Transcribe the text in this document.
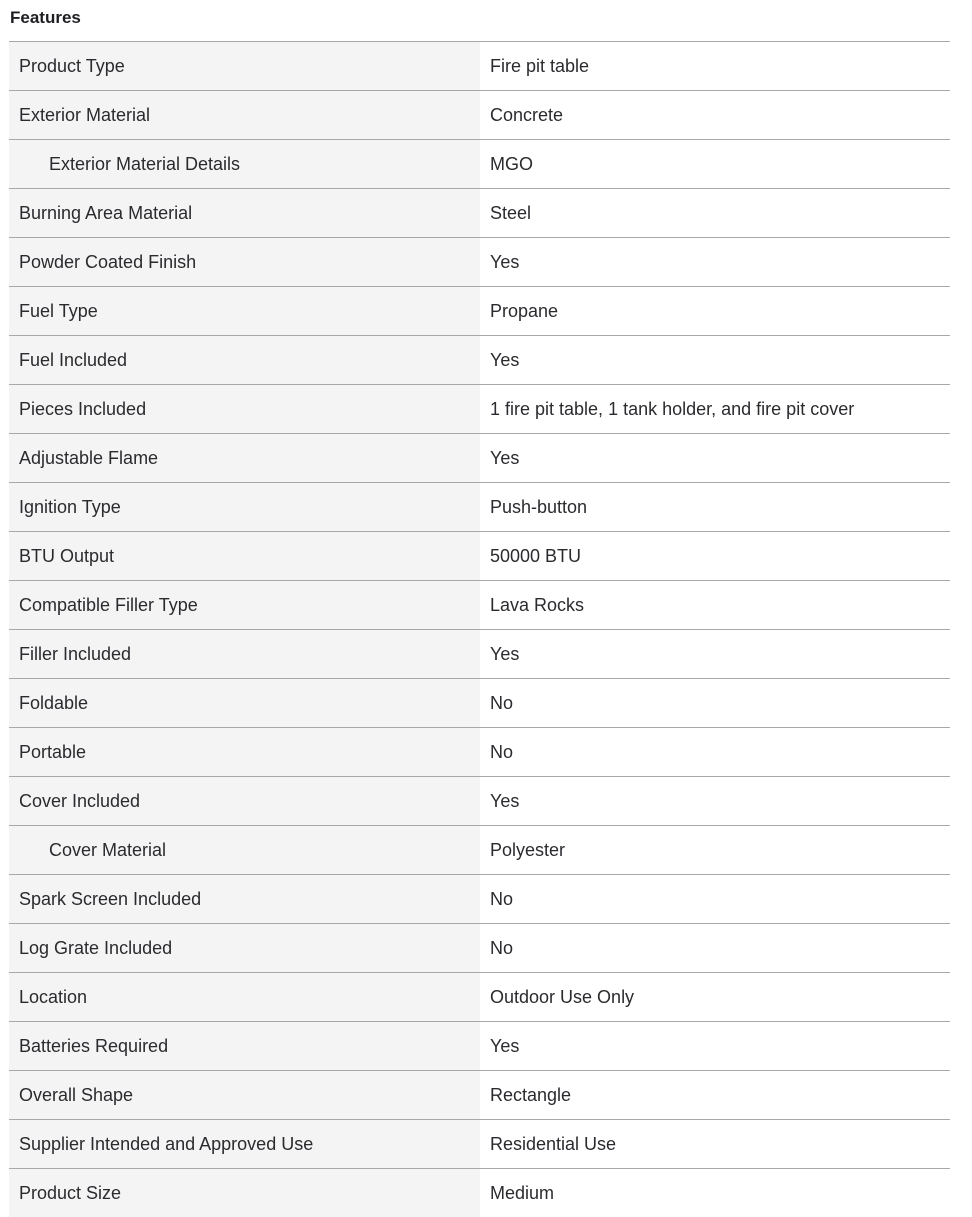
Features
Product Type	Fire pit table
Exterior Material	Concrete
Exterior Material Details	MGO
Burning Area Material	Steel
Powder Coated Finish	Yes
Fuel Type	Propane
Fuel Included	Yes
Pieces Included	1 fire pit table, 1 tank holder, and fire pit cover
Adjustable Flame	Yes
Ignition Type	Push-button
BTU Output	50000 BTU
Compatible Filler Type	Lava Rocks
Filler Included	Yes
Foldable	No
Portable	No
Cover Included	Yes
Cover Material	Polyester
Spark Screen Included	No
Log Grate Included	No
Location	Outdoor Use Only
Batteries Required	Yes
Overall Shape	Rectangle
Supplier Intended and Approved Use	Residential Use
Product Size	Medium
